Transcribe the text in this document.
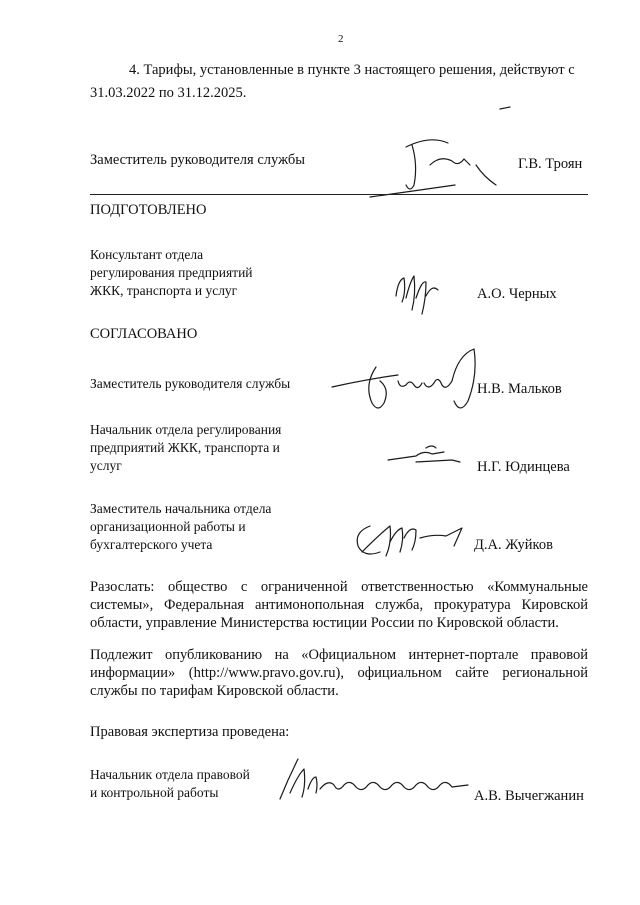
2
4. Тарифы, установленные в пункте 3 настоящего решения, действуют с
31.03.2022 по 31.12.2025.
Заместитель руководителя службы	Г.В. Троян
ПОДГОТОВЛЕНО
Консультант отдела
регулирования предприятий
ЖКК, транспорта и услуг	А.О. Черных
СОГЛАСОВАНО
Заместитель руководителя службы	Н.В. Мальков
Начальник отдела регулирования
предприятий ЖКК, транспорта и
услуг	Н.Г. Юдинцева
Заместитель начальника отдела
организационной работы и
бухгалтерского учета	Д.А. Жуйков
Разослать: общество с ограниченной ответственностью «Коммунальные
системы», Федеральная антимонопольная служба, прокуратура Кировской
области, управление Министерства юстиции России по Кировской области.
Подлежит опубликованию на «Официальном интернет-портале правовой
информации» (http://www.pravo.gov.ru), официальном сайте региональной
службы по тарифам Кировской области.
Правовая экспертиза проведена:
Начальник отдела правовой
и контрольной работы	А.В. Вычегжанин
